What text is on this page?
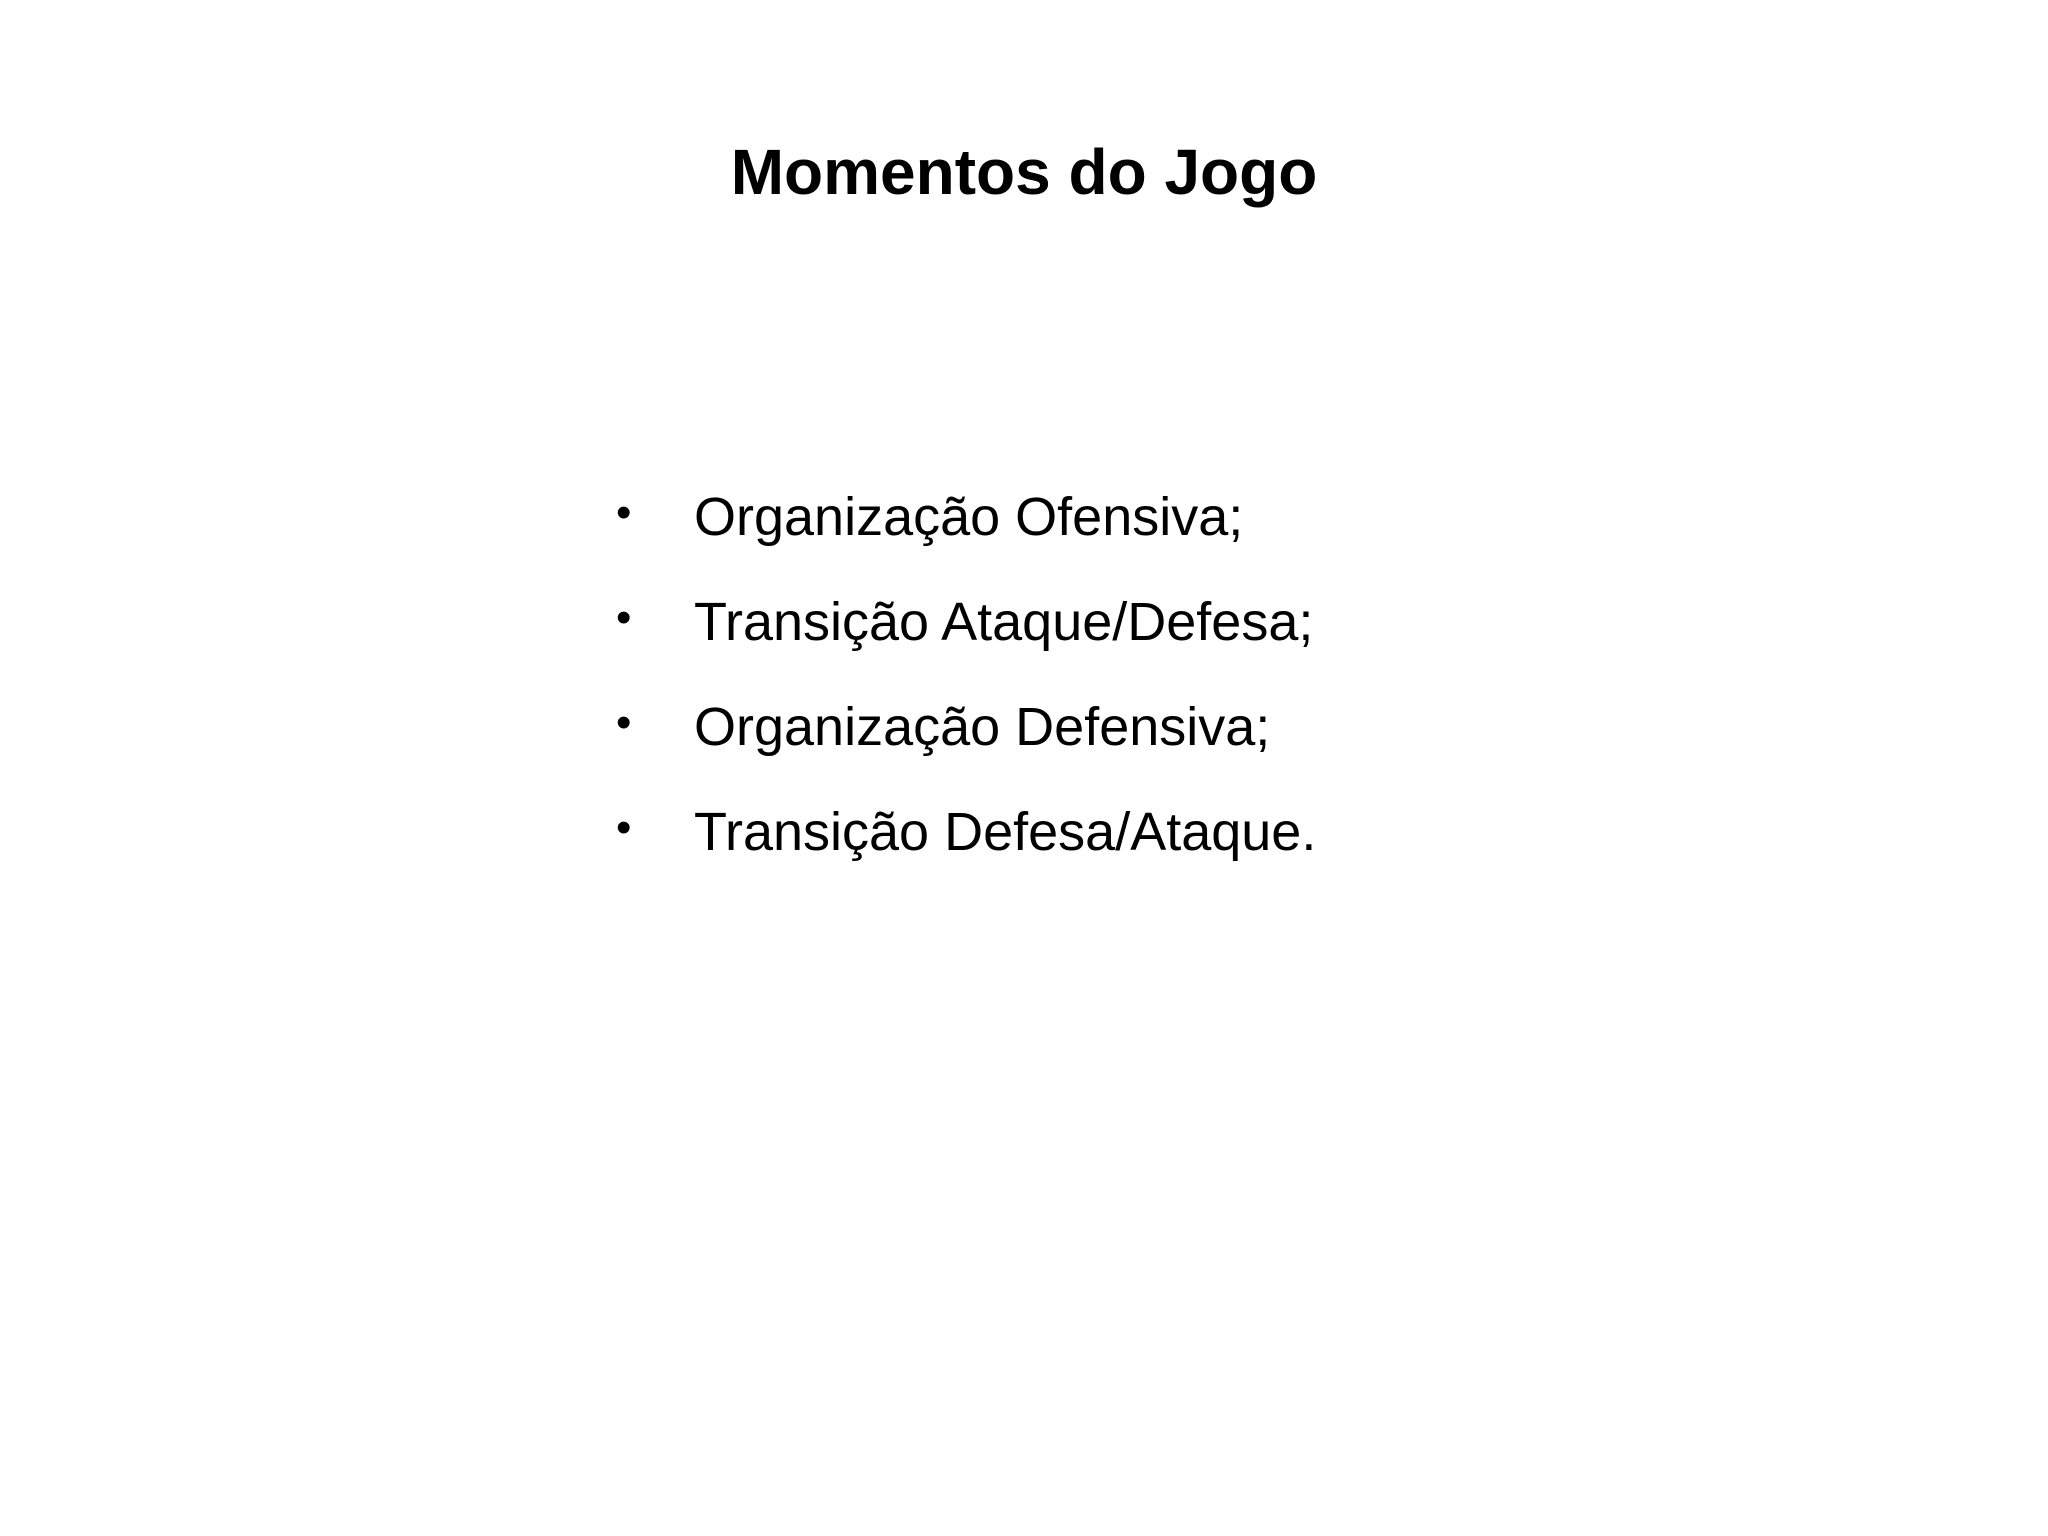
Momentos do Jogo
•	Organização Ofensiva;
•	Transição Ataque/Defesa;
•	Organização Defensiva;
•	Transição Defesa/Ataque.
